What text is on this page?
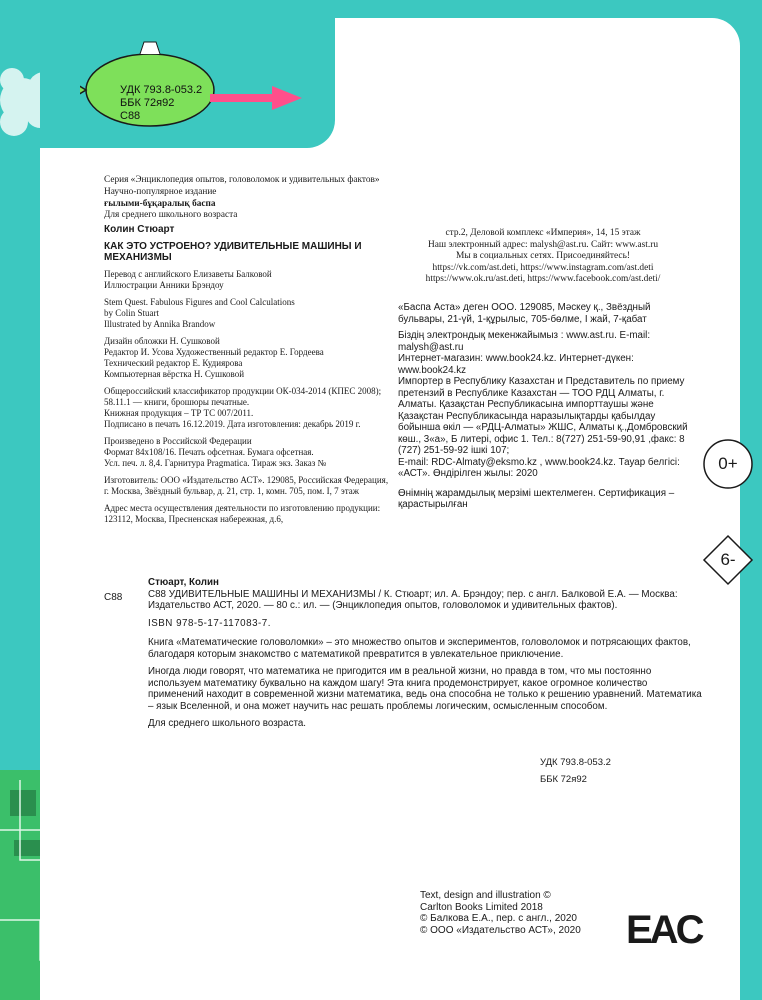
УДК 793.8-053.2
ББК 72я92
С88
Серия «Энциклопедия опытов, головоломок и удивительных фактов»
Научно-популярное издание
ғылыми-бұқаралық баспа
Для среднего школьного возраста

Колин Стюарт

КАК ЭТО УСТРОЕНО? УДИВИТЕЛЬНЫЕ МАШИНЫ И МЕХАНИЗМЫ

Перевод с английского Елизаветы Балковой
Иллюстрации Анники Брэндоу

Stem Quest. Fabulous Figures and Cool Calculations
by Colin Stuart
Illustrated by Annika Brandow

Дизайн обложки Н. Сушковой
Редактор И. Усова Художественный редактор Е. Гордеева
Технический редактор Е. Кудиярова
Компьютерная вёрстка Н. Сушковой

Общероссийский классификатор продукции ОК-034-2014 (КПЕС 2008); 58.11.1 — книги, брошюры печатные.
Книжная продукция – ТР ТС 007/2011.
Подписано в печать 16.12.2019. Дата изготовления: декабрь 2019 г.

Произведено в Российской Федерации
Формат 84х108/16. Печать офсетная. Бумага офсетная.
Усл. печ. л. 8,4. Гарнитура Pragmatica. Тираж экз. Заказ №

Изготовитель: ООО «Издательство АСТ». 129085, Российская Федерация, г. Москва, Звёздный бульвар, д. 21, стр. 1, комн. 705, пом. I, 7 этаж

Адрес места осуществления деятельности по изготовлению продукции: 123112, Москва, Пресненская набережная, д.6,

стр.2, Деловой комплекс «Империя», 14, 15 этаж
Наш электронный адрес: malysh@ast.ru. Сайт: www.ast.ru
Мы в социальных сетях. Присоединяйтесь!
https://vk.com/ast.deti, https://www.instagram.com/ast.deti https://www.ok.ru/ast.deti, https://www.facebook.com/ast.deti/

«Баспа Аста» деген ООО. 129085, Мәскеу қ., Звёздный бульвары, 21-үй, 1-құрылыс, 705-бөлме, I жай, 7-қабат

Біздің электрондық мекенжайымыз : www.ast.ru. E-mail: malysh@ast.ru

Интернет-магазин: www.book24.kz. Интернет-дүкен: www.book24.kz

Импортер в Республику Казахстан и Представитель по приему претензий в Республике Казахстан — ТОО РДЦ Алматы, г. Алматы. Қазақстан Республикасына импорттаушы және Қазақстан Республикасында наразылықтарды қабылдау бойынша өкіл — «РДЦ-Алматы» ЖШС, Алматы қ.,Домбровский көш., 3«а», Б литері, офис 1. Тел.: 8(727) 251-59-90,91 ,факс: 8 (727) 251-59-92 ішкі 107;

E-mail: RDC-Almaty@eksmo.kz , www.book24.kz. Тауар белгісі: «АСТ». Өндірілген жылы: 2020

Өнімнің жарамдылық мерзімі шектелмеген. Сертификация – қарастырылған

0+
6-
С88
Стюарт, Колин
С88 УДИВИТЕЛЬНЫЕ МАШИНЫ И МЕХАНИЗМЫ / К. Стюарт; ил. А. Брэндоу; пер. с англ. Балковой Е.А. — Москва: Издательство АСТ, 2020. — 80 с.: ил. — (Энциклопедия опытов, головоломок и удивительных фактов).
ISBN 978-5-17-117083-7.

Книга «Математические головоломки» – это множество опытов и экспериментов, головоломок и потрясающих фактов, благодаря которым знакомство с математикой превратится в увлекательное приключение.

Иногда люди говорят, что математика не пригодится им в реальной жизни, но правда в том, что мы постоянно используем математику буквально на каждом шагу! Эта книга продемонстрирует, какое огромное количество применений находит в современной жизни математика, ведь она способна не только к решению уравнений. Математика – язык Вселенной, и она может научить нас решать проблемы логическим, осмысленным способом.

Для среднего школьного возраста.

УДК 793.8-053.2
ББК 72я92
Text, design and illustration ©
Carlton Books Limited 2018
© Балкова Е.А., пер. с англ., 2020
© ООО «Издательство АСТ», 2020 EAC
